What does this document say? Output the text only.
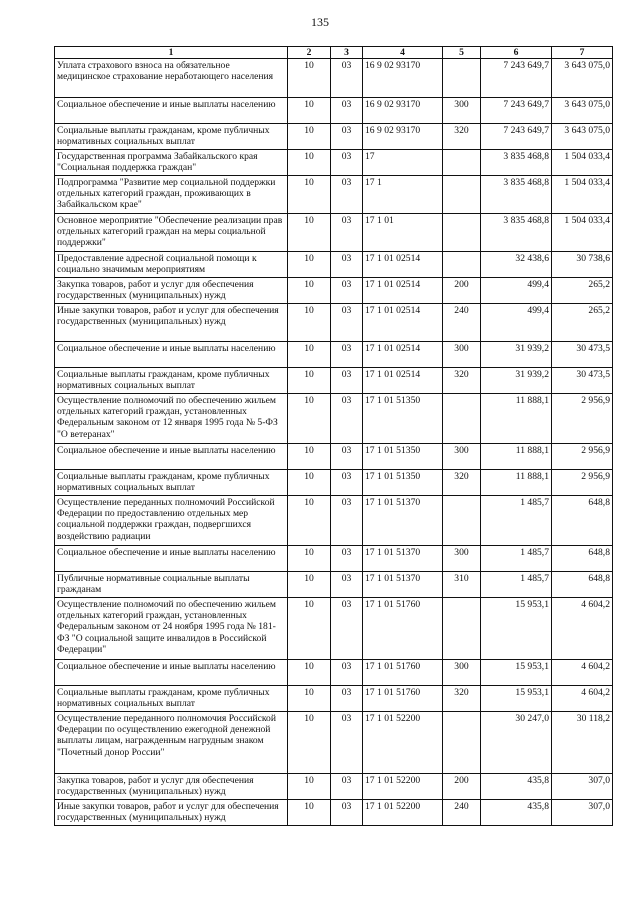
135
1	2	3	4	5	6	7
Уплата страхового взноса на обязательное медицинское страхование неработающего населения	10	03	16 9 02 93170		7 243 649,7	3 643 075,0
Социальное обеспечение и иные выплаты населению	10	03	16 9 02 93170	300	7 243 649,7	3 643 075,0
Социальные выплаты гражданам, кроме публичных нормативных социальных выплат	10	03	16 9 02 93170	320	7 243 649,7	3 643 075,0
Государственная программа Забайкальского края "Социальная поддержка граждан"	10	03	17		3 835 468,8	1 504 033,4
Подпрограмма "Развитие мер социальной поддержки отдельных категорий граждан, проживающих в Забайкальском крае"	10	03	17 1		3 835 468,8	1 504 033,4
Основное мероприятие "Обеспечение реализации прав отдельных категорий граждан на меры социальной поддержки"	10	03	17 1 01		3 835 468,8	1 504 033,4
Предоставление адресной социальной помощи к социально значимым мероприятиям	10	03	17 1 01 02514		32 438,6	30 738,6
Закупка товаров, работ и услуг для обеспечения государственных (муниципальных) нужд	10	03	17 1 01 02514	200	499,4	265,2
Иные закупки товаров, работ и услуг для обеспечения государственных (муниципальных) нужд	10	03	17 1 01 02514	240	499,4	265,2
Социальное обеспечение и иные выплаты населению	10	03	17 1 01 02514	300	31 939,2	30 473,5
Социальные выплаты гражданам, кроме публичных нормативных социальных выплат	10	03	17 1 01 02514	320	31 939,2	30 473,5
Осуществление полномочий по обеспечению жильем отдельных категорий граждан, установленных Федеральным законом от 12 января 1995 года № 5-ФЗ "О ветеранах"	10	03	17 1 01 51350		11 888,1	2 956,9
Социальное обеспечение и иные выплаты населению	10	03	17 1 01 51350	300	11 888,1	2 956,9
Социальные выплаты гражданам, кроме публичных нормативных социальных выплат	10	03	17 1 01 51350	320	11 888,1	2 956,9
Осуществление переданных полномочий Российской Федерации по предоставлению отдельных мер социальной поддержки граждан, подвергшихся воздействию радиации	10	03	17 1 01 51370		1 485,7	648,8
Социальное обеспечение и иные выплаты населению	10	03	17 1 01 51370	300	1 485,7	648,8
Публичные нормативные социальные выплаты гражданам	10	03	17 1 01 51370	310	1 485,7	648,8
Осуществление полномочий по обеспечению жильем отдельных категорий граждан, установленных Федеральным законом от 24 ноября 1995 года № 181-ФЗ "О социальной защите инвалидов в Российской Федерации"	10	03	17 1 01 51760		15 953,1	4 604,2
Социальное обеспечение и иные выплаты населению	10	03	17 1 01 51760	300	15 953,1	4 604,2
Социальные выплаты гражданам, кроме публичных нормативных социальных выплат	10	03	17 1 01 51760	320	15 953,1	4 604,2
Осуществление переданного полномочия Российской Федерации по осуществлению ежегодной денежной выплаты лицам, награжденным нагрудным знаком "Почетный донор России"	10	03	17 1 01 52200		30 247,0	30 118,2
Закупка товаров, работ и услуг для обеспечения государственных (муниципальных) нужд	10	03	17 1 01 52200	200	435,8	307,0
Иные закупки товаров, работ и услуг для обеспечения государственных (муниципальных) нужд	10	03	17 1 01 52200	240	435,8	307,0
